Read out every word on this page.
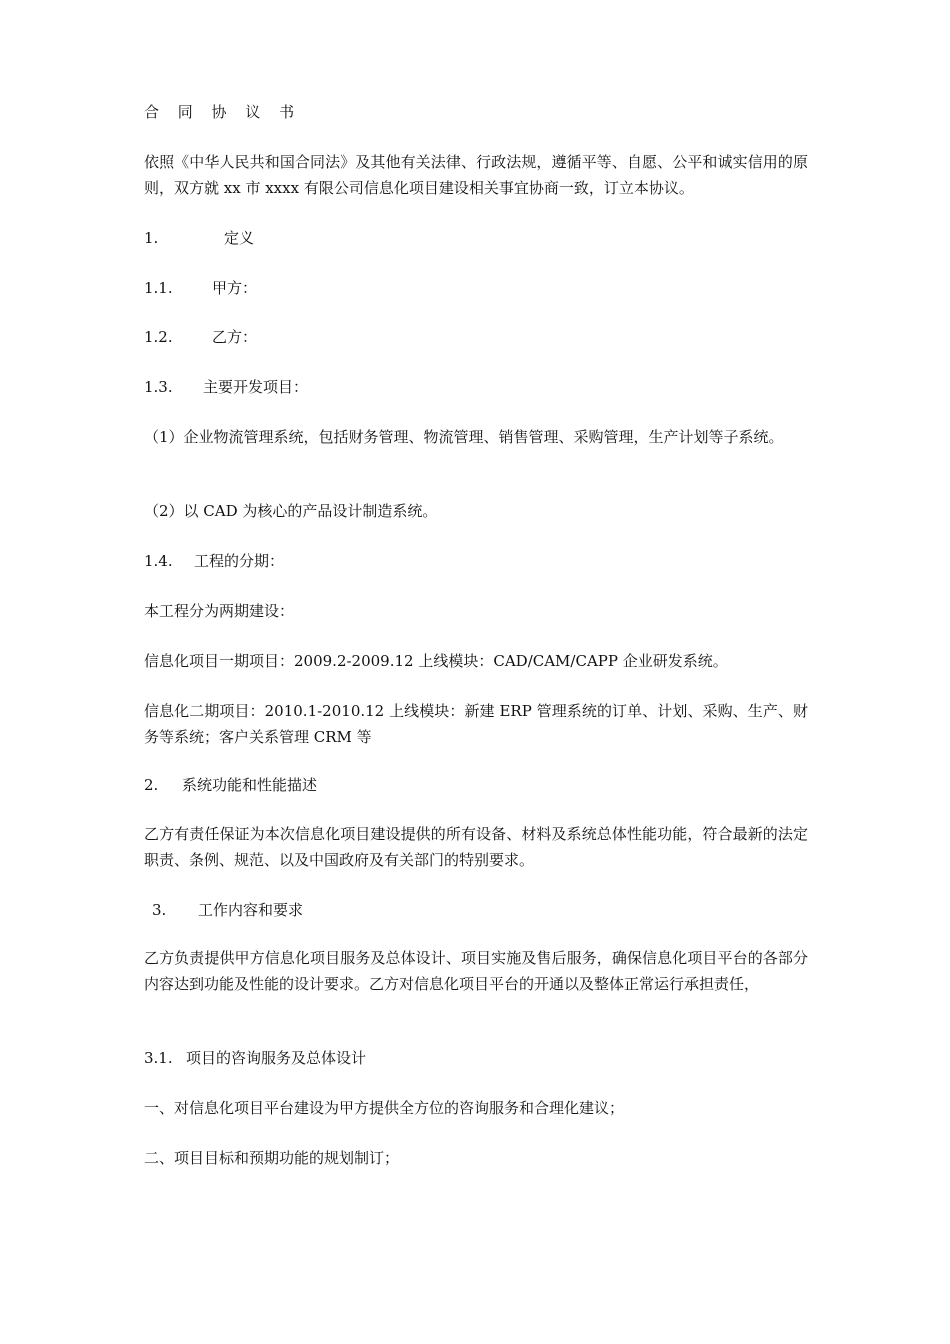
合 同 协 议 书
依照《中华人民共和国合同法》及其他有关法律、行政法规，遵循平等、自愿、公平和诚实信用的原则，双方就 xx 市 xxxx 有限公司信息化项目建设相关事宜协商一致，订立本协议。
1.	定义
1.1.	甲方：
1.2.	乙方：
1.3. 主要开发项目：
（1）企业物流管理系统，包括财务管理、物流管理、销售管理、采购管理，生产计划等子系统。
（2）以 CAD 为核心的产品设计制造系统。
1.4. 工程的分期：
本工程分为两期建设：
信息化项目一期项目：2009.2-2009.12 上线模块：CAD/CAM/CAPP 企业研发系统。
信息化二期项目：2010.1-2010.12 上线模块：新建 ERP 管理系统的订单、计划、采购、生产、财务等系统；客户关系管理 CRM 等
2. 系统功能和性能描述
乙方有责任保证为本次信息化项目建设提供的所有设备、材料及系统总体性能功能，符合最新的法定职责、条例、规范、以及中国政府及有关部门的特别要求。
3. 工作内容和要求
乙方负责提供甲方信息化项目服务及总体设计、项目实施及售后服务，确保信息化项目平台的各部分内容达到功能及性能的设计要求。乙方对信息化项目平台的开通以及整体正常运行承担责任，
3.1. 项目的咨询服务及总体设计
一、对信息化项目平台建设为甲方提供全方位的咨询服务和合理化建议；
二、项目目标和预期功能的规划制订；
